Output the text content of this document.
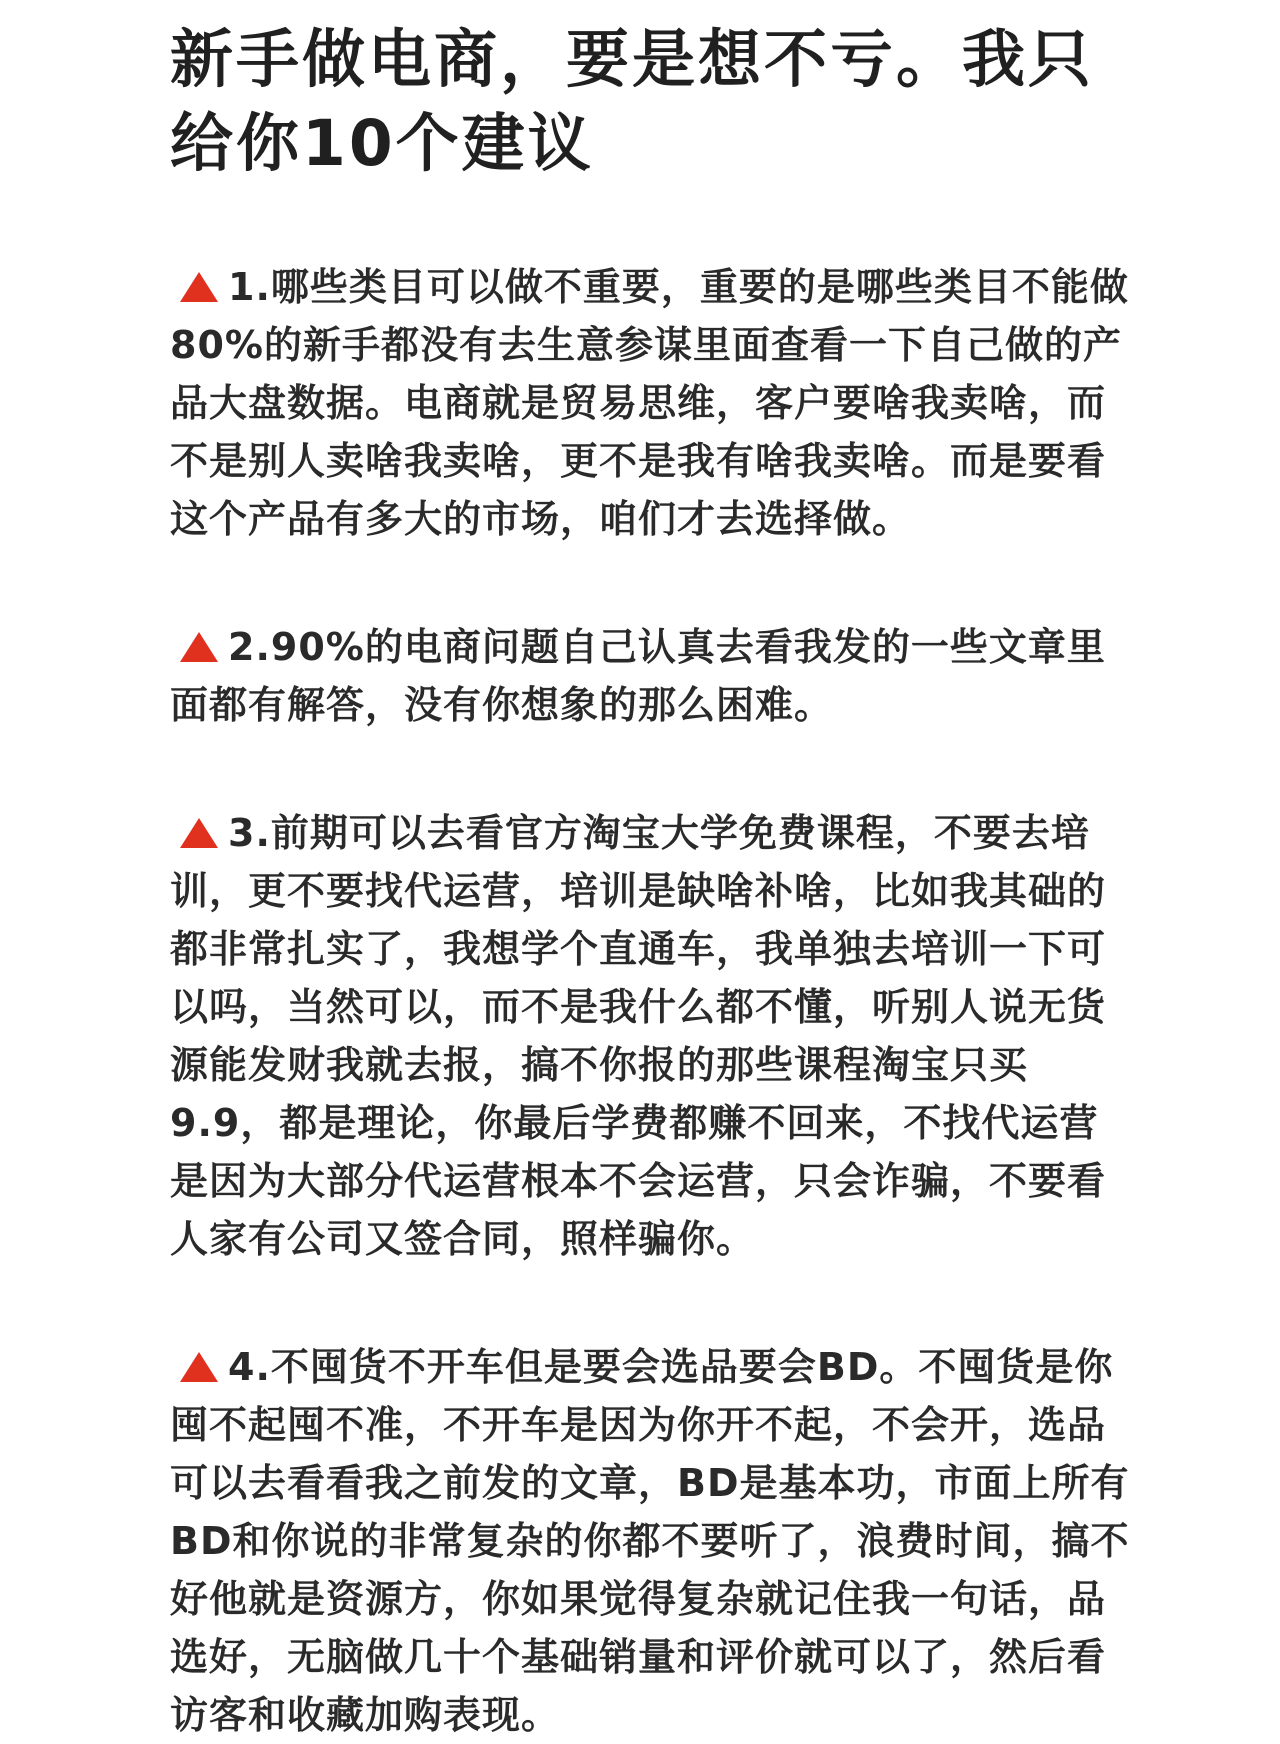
新手做电商，要是想不亏。我只给你10个建议

1.哪些类目可以做不重要，重要的是哪些类目不能做80%的新手都没有去生意参谋里面查看一下自己做的产品大盘数据。电商就是贸易思维，客户要啥我卖啥，而不是别人卖啥我卖啥，更不是我有啥我卖啥。而是要看这个产品有多大的市场，咱们才去选择做。

2.90%的电商问题自己认真去看我发的一些文章里面都有解答，没有你想象的那么困难。

3.前期可以去看官方淘宝大学免费课程，不要去培训，更不要找代运营，培训是缺啥补啥，比如我其础的都非常扎实了，我想学个直通车，我单独去培训一下可以吗，当然可以，而不是我什么都不懂，听别人说无货源能发财我就去报，搞不你报的那些课程淘宝只买9.9，都是理论，你最后学费都赚不回来，不找代运营是因为大部分代运营根本不会运营，只会诈骗，不要看人家有公司又签合同，照样骗你。

4.不囤货不开车但是要会选品要会BD。不囤货是你囤不起囤不准，不开车是因为你开不起，不会开，选品可以去看看我之前发的文章，BD是基本功，市面上所有BD和你说的非常复杂的你都不要听了，浪费时间，搞不好他就是资源方，你如果觉得复杂就记住我一句话，品选好，无脑做几十个基础销量和评价就可以了，然后看访客和收藏加购表现。
